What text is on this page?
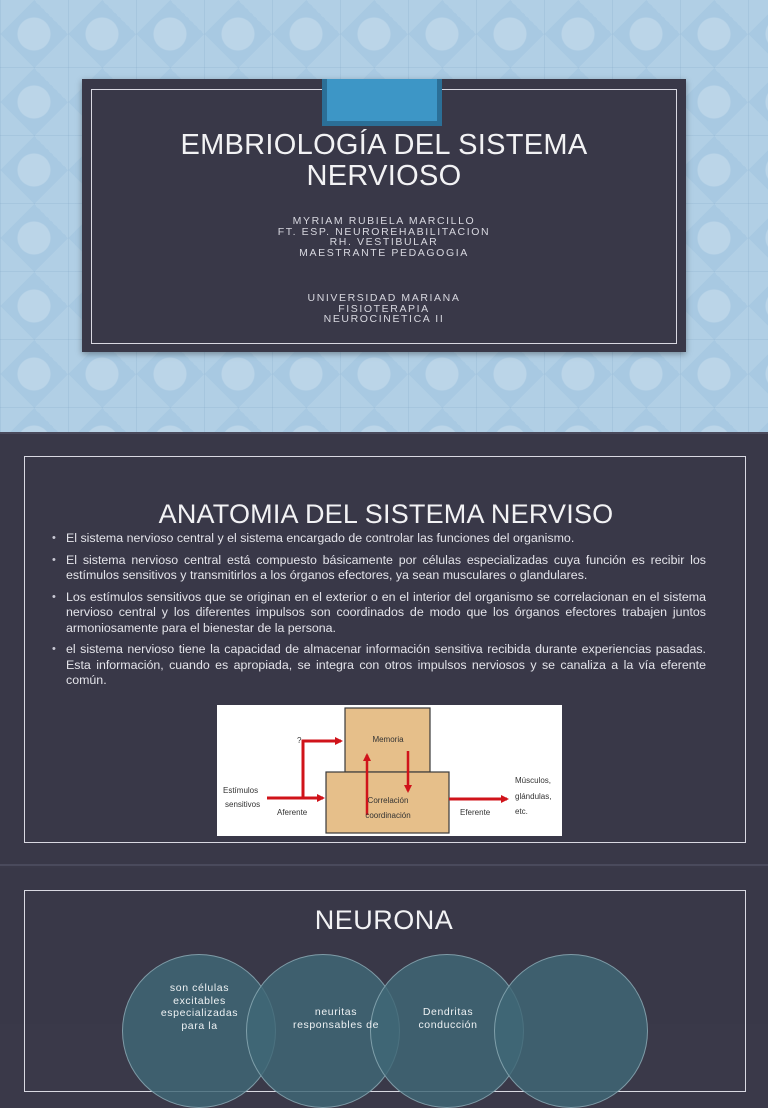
EMBRIOLOGÍA DEL SISTEMA
NERVIOSO
MYRIAM RUBIELA MARCILLO
FT. ESP. NEUROREHABILITACION
RH. VESTIBULAR
MAESTRANTE PEDAGOGIA
UNIVERSIDAD MARIANA
FISIOTERAPIA
NEUROCINETICA II
ANATOMIA DEL SISTEMA NERVISO
• El sistema nervioso central y el sistema encargado de controlar las funciones del organismo.
• El sistema nervioso central está compuesto básicamente por células especializadas cuya función es recibir los estímulos sensitivos y transmitirlos a los órganos efectores, ya sean musculares o glandulares.
• Los estímulos sensitivos que se originan en el exterior o en el interior del organismo se correlacionan en el sistema nervioso central y los diferentes impulsos son coordinados de modo que los órganos efectores trabajen juntos armoniosamente para el bienestar de la persona.
• el sistema nervioso tiene la capacidad de almacenar información sensitiva recibida durante experiencias pasadas. Esta información, cuando es apropiada, se integra con otros impulsos nerviosos y se canaliza a la vía eferente común.
?	Memoria
Estímulos
sensitivos
Aferente
Correlación
coordinación	Eferente
Músculos,
glándulas,
etc.
NEURONA
son células
excitables
especializadas
para la
neuritas
responsables de
Dendritas
conducción
